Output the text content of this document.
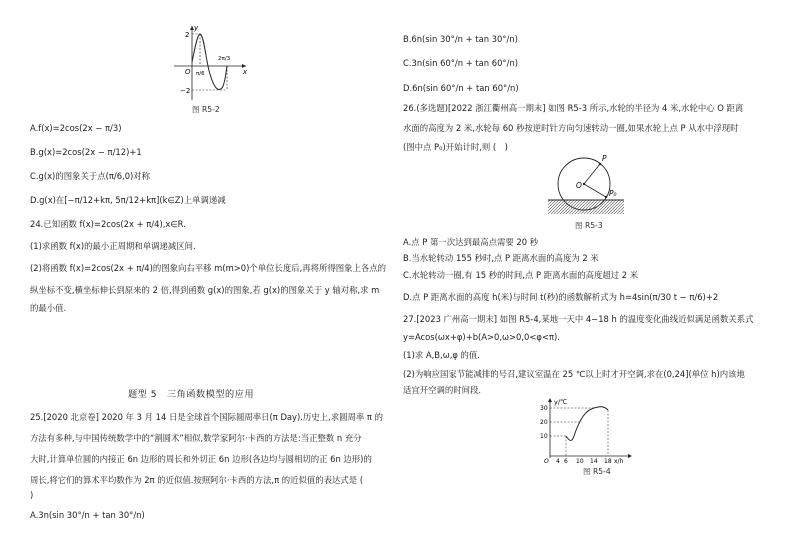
y
2
−2
O	x
π/6
2π/3
图 R5-2
A.f(x)=2cos(2x − π/3)
B.g(x)=2cos(2x − π/12)+1
C.g(x)的图象关于点(π/6,0)对称
D.g(x)在[−π/12+kπ, 5π/12+kπ](k∈Z)上单调递减
24.已知函数 f(x)=2cos(2x + π/4),x∈R.
(1)求函数 f(x)的最小正周期和单调递减区间.
(2)将函数 f(x)=2cos(2x + π/4)的图象向右平移 m(m>0)个单位长度后,再将所得图象上各点的
纵坐标不变,横坐标伸长到原来的 2 倍,得到函数 g(x)的图象,若 g(x)的图象关于 y 轴对称,求 m
的最小值.
题型 5　三角函数模型的应用
25.[2020 北京卷] 2020 年 3 月 14 日是全球首个国际圆周率日(π Day).历史上,求圆周率 π 的
方法有多种,与中国传统数学中的“割圆术”相似,数学家阿尔·卡西的方法是:当正整数 n 充分
大时,计算单位圆的内接正 6n 边形的周长和外切正 6n 边形(各边均与圆相切的正 6n 边形)的
周长,将它们的算术平均数作为 2π 的近似值.按照阿尔·卡西的方法,π 的近似值的表达式是 (
)
A.3n(sin 30°/n + tan 30°/n)
B.6n(sin 30°/n + tan 30°/n)
C.3n(sin 60°/n + tan 60°/n)
D.6n(sin 60°/n + tan 60°/n)
26.(多选题)[2022 浙江衢州高一期末] 如图 R5-3 所示,水轮的半径为 4 米,水轮中心 O 距离
水面的高度为 2 米,水轮每 60 秒按逆时针方向匀速转动一圈,如果水轮上点 P 从水中浮现时
(图中点 P₀)开始计时,则 (　)
O
P
P₀
图 R5-3
A.点 P 第一次达到最高点需要 20 秒
B.当水轮转动 155 秒时,点 P 距离水面的高度为 2 米
C.水轮转动一圈,有 15 秒的时间,点 P 距离水面的高度超过 2 米
D.点 P 距离水面的高度 h(米)与时间 t(秒)的函数解析式为 h=4sin(π/30 t − π/6)+2
27.[2023 广州高一期末] 如图 R5-4,某地一天中 4−18 h 的温度变化曲线近似满足函数关系式
y=Acos(ωx+φ)+b(A>0,ω>0,0<φ<π).
(1)求 A,B,ω,φ 的值.
(2)为响应国家节能减排的号召,建议室温在 25 ℃以上时才开空调,求在(0,24](单位 h)内该地
适宜开空调的时间段.
y/℃
30
20
10
O 4 6 10 14 18 x/h
图 R5-4
